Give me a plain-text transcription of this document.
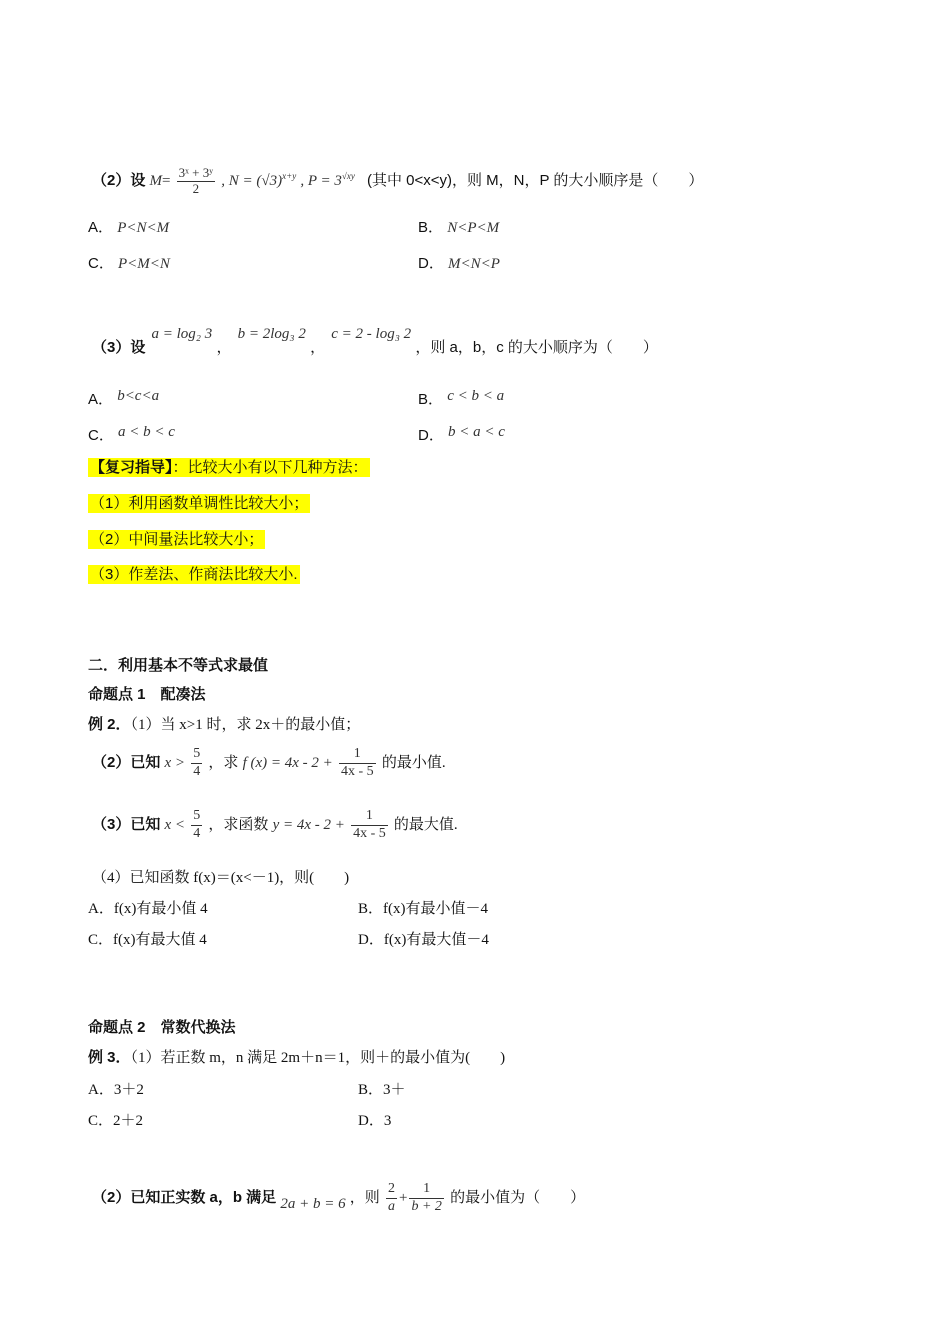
（2）设 $M= \frac{\text{3ˣ + 3ʸ}}{2}$ , $N = (√3)^{x+y}$ , $P = 3^{√xy}$ (其中 0<x<y)，则 M，N，P 的大小顺序是（　　）
A． P<N<M	B． N<P<M
C． P<M<N	D． M<N<P
（3）设 a = log₂ 3 ， b = 2log₃ 2 ， c = 2 - log₃ 2 ，则 a，b，c 的大小顺序为（　　）
A． b<c<a	B． c < b < a
C． a < b < c	D． b < a < c
【复习指导】：比较大小有以下几种方法：
（1）利用函数单调性比较大小；
（2）中间量法比较大小；
（3）作差法、作商法比较大小.
二．利用基本不等式求最值
命题点 1　配凑法
例 2．（1）当 x>1 时，求 2x＋的最小值；
（2）已知 $x > \frac{5}{4}$ ，求 f $(x) = 4x - 2 + \frac{1}{4x - 5}$ 的最小值.
（3）已知 $x < \frac{5}{4}$ ，求函数 $y = 4x - 2 + \frac{1}{4x - 5}$ 的最大值.
（4）已知函数 f(x)＝(x<－1)，则(　　)
A．f(x)有最小值 4	B．f(x)有最小值－4
C．f(x)有最大值 4	D．f(x)有最大值－4
命题点 2　常数代换法
例 3．（1）若正数 m，n 满足 2m＋n＝1，则＋的最小值为(　　)
A．3＋2	B．3＋
C．2＋2	D．3
（2）已知正实数 a，b 满足 2a + b = 6 ，则 $\frac{2}{a} + \frac{1}{b + 2}$ 的最小值为（　　）
